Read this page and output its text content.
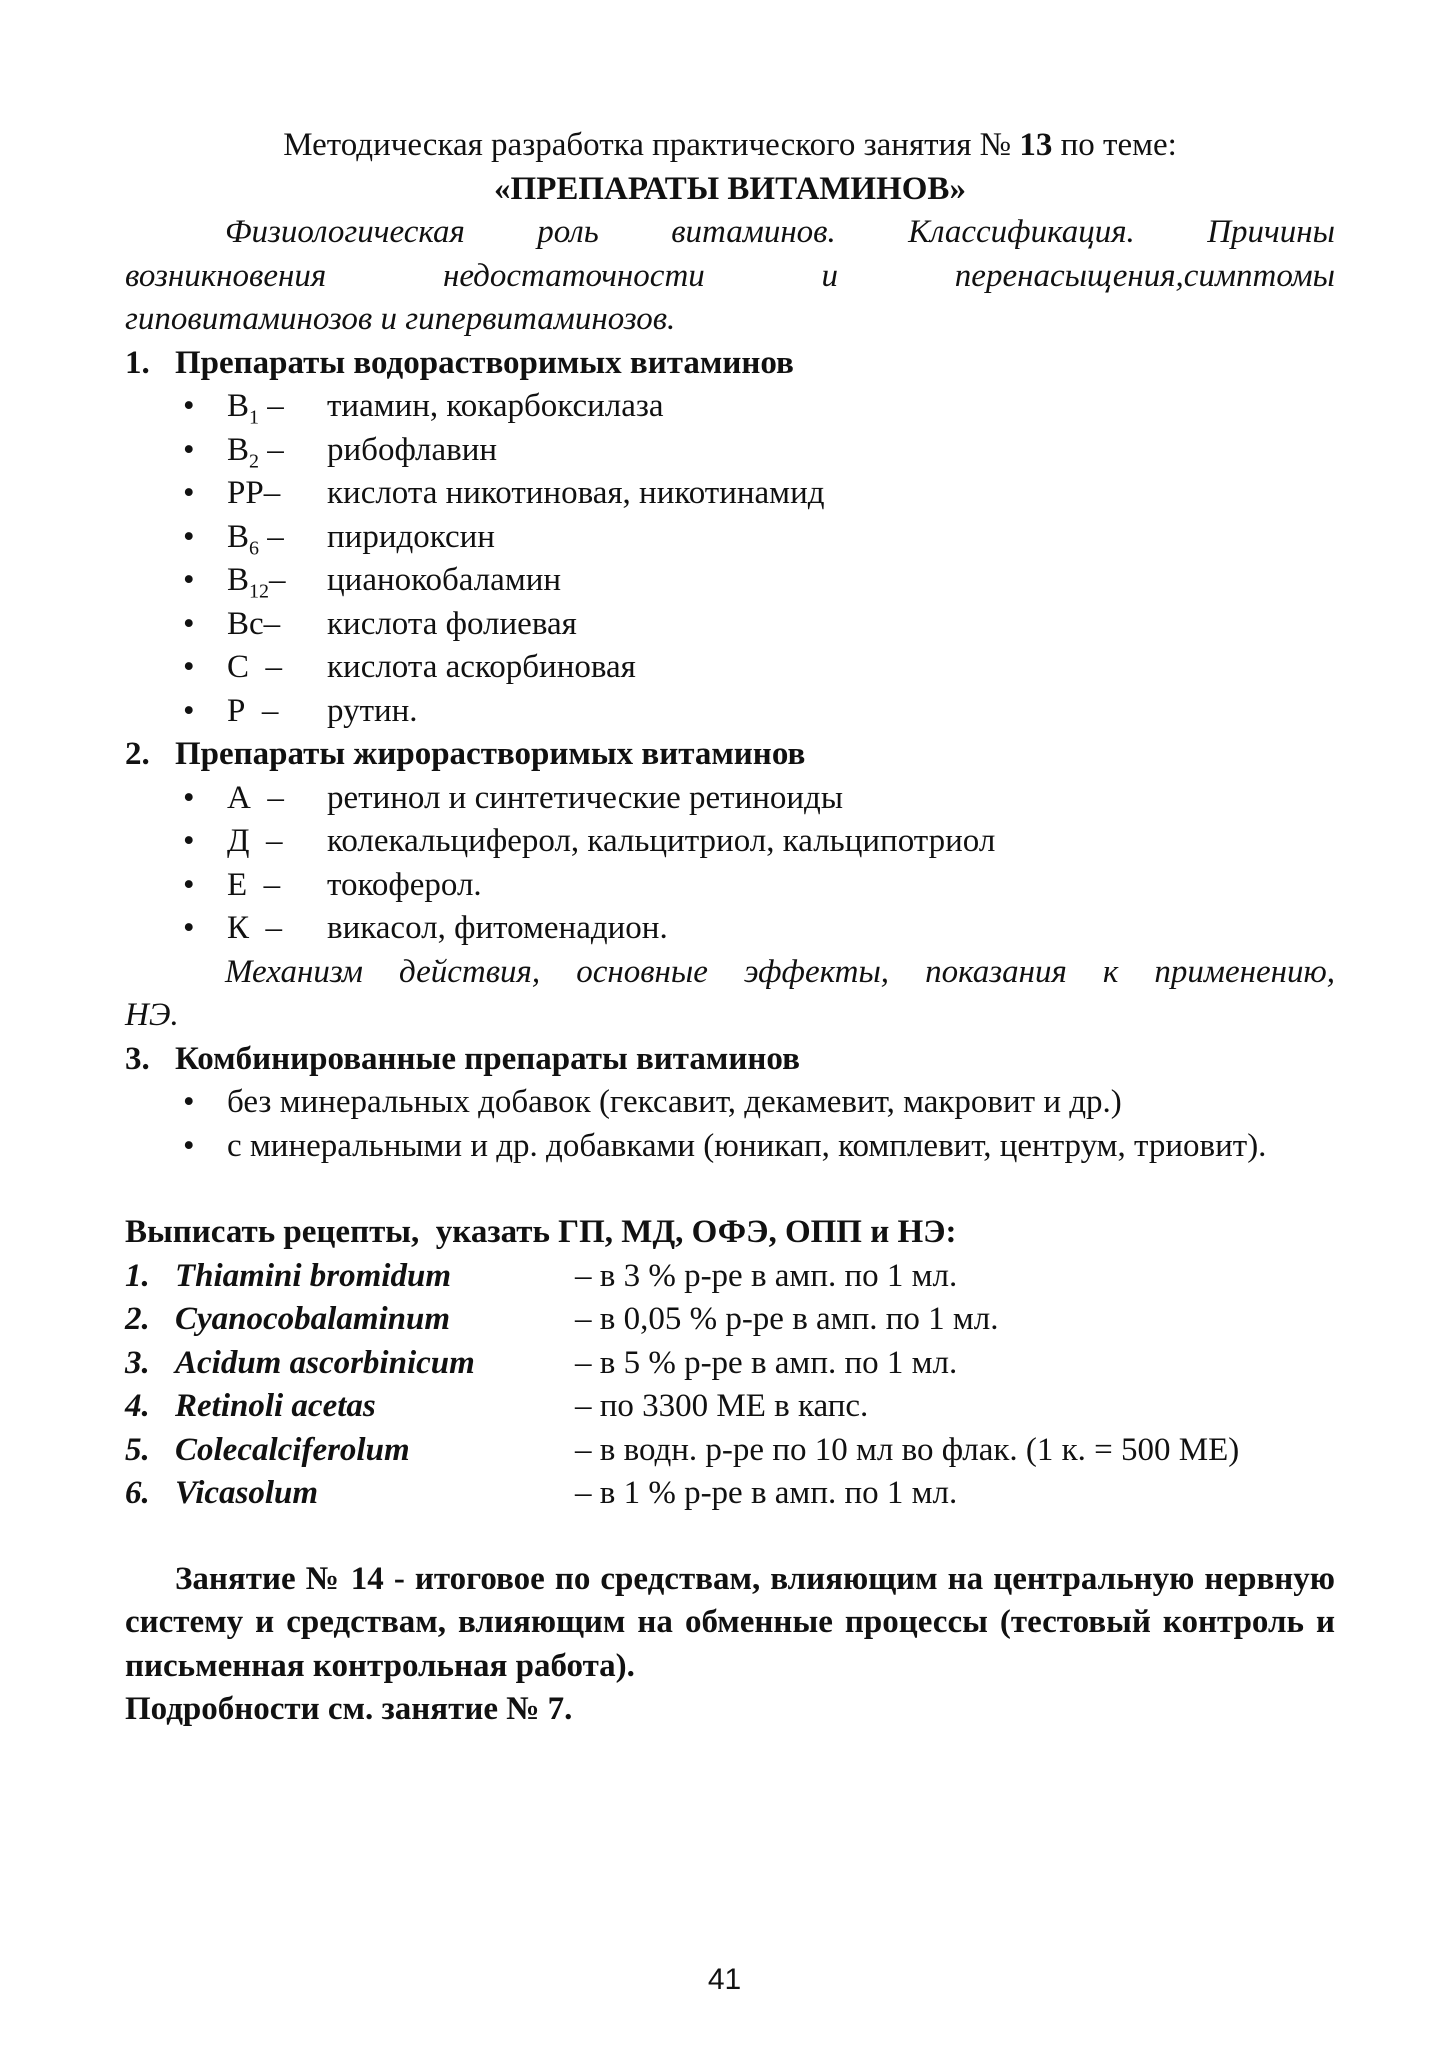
Методическая разработка практического занятия № 13 по теме:

«ПРЕПАРАТЫ ВИТАМИНОВ»

Физиологическая роль витаминов. Классификация. Причины

возникновения недостаточности и перенасыщения,симптомы

гиповитаминозов и гипервитаминозов.

1. Препараты водорастворимых витаминов
• $B_1$ –	тиамин, кокарбоксилаза
• $B_2$ –	рибофлавин
• PP–	кислота никотиновая, никотинамид
• $B_6$ –	пиридоксин
• $B_{12}-$	цианокобаламин
• Bc–	кислота фолиевая
• C  –	кислота аскорбиновая
• P  –	рутин.
2. Препараты жирорастворимых витаминов
• А  –	ретинол и синтетические ретиноиды
• Д  –	колекальциферол, кальцитриол, кальципотриол
• Е  –	токоферол.
• К  –	викасол, фитоменадион.

Механизм действия, основные эффекты, показания к применению,

НЭ.

3. Комбинированные препараты витаминов
• без минеральных добавок (гексавит, декамевит, макровит и др.)
• с минеральными и др. добавками (юникап, комплевит, центрум, триовит).

Выписать рецепты,  указать ГП, МД, ОФЭ, ОПП и НЭ:

1. Thiamini bromidum	– в 3 % р-ре в амп. по 1 мл.
2. Cyanocobalaminum	– в 0,05 % р-ре в амп. по 1 мл.
3. Acidum ascorbinicum	– в 5 % р-ре в амп. по 1 мл.
4. Retinoli acetas	– по 3300 МЕ в капс.
5. Colecalciferolum	– в водн. р-ре по 10 мл во флак. (1 к. = 500 МЕ)
6. Vicasolum	– в 1 % р-ре в амп. по 1 мл.

Занятие № 14 - итоговое по средствам, влияющим на центральную нервную систему и средствам, влияющим на обменные процессы (тестовый контроль и письменная контрольная работа).

Подробности см. занятие № 7.

41
